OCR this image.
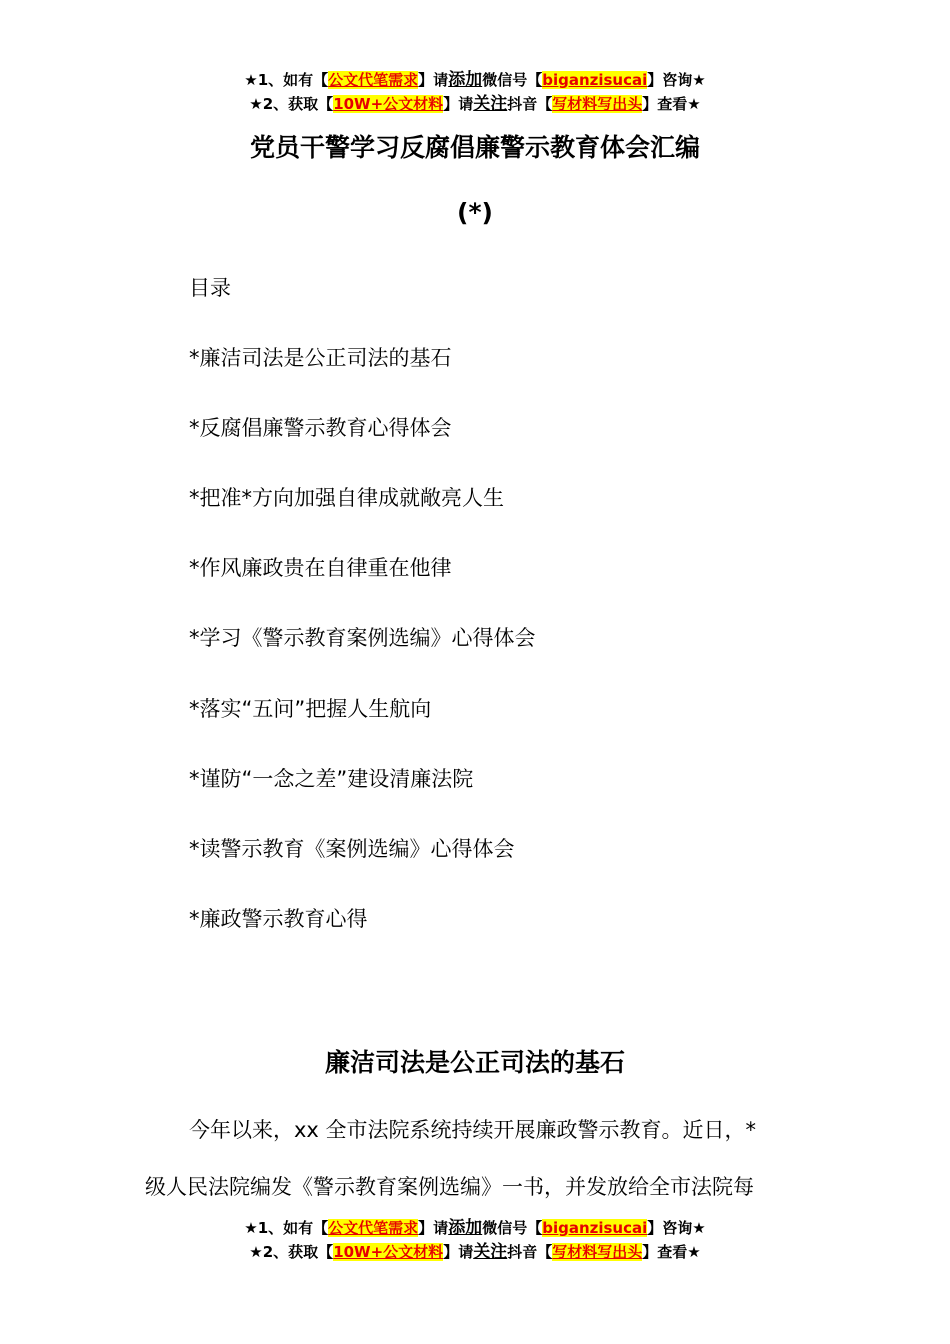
★1、如有【公文代笔需求】请添加微信号【biganzisucai】咨询★
★2、获取【10W+公文材料】请关注抖音【写材料写出头】查看★
党员干警学习反腐倡廉警示教育体会汇编
(*)
目录
*廉洁司法是公正司法的基石
*反腐倡廉警示教育心得体会
*把准*方向加强自律成就敞亮人生
*作风廉政贵在自律重在他律
*学习《警示教育案例选编》心得体会
*落实“五问”把握人生航向
*谨防“一念之差”建设清廉法院
*读警示教育《案例选编》心得体会
*廉政警示教育心得
廉洁司法是公正司法的基石
今年以来，xx 全市法院系统持续开展廉政警示教育。近日，*
级人民法院编发《警示教育案例选编》一书，并发放给全市法院每
★1、如有【公文代笔需求】请添加微信号【biganzisucai】咨询★
★2、获取【10W+公文材料】请关注抖音【写材料写出头】查看★
